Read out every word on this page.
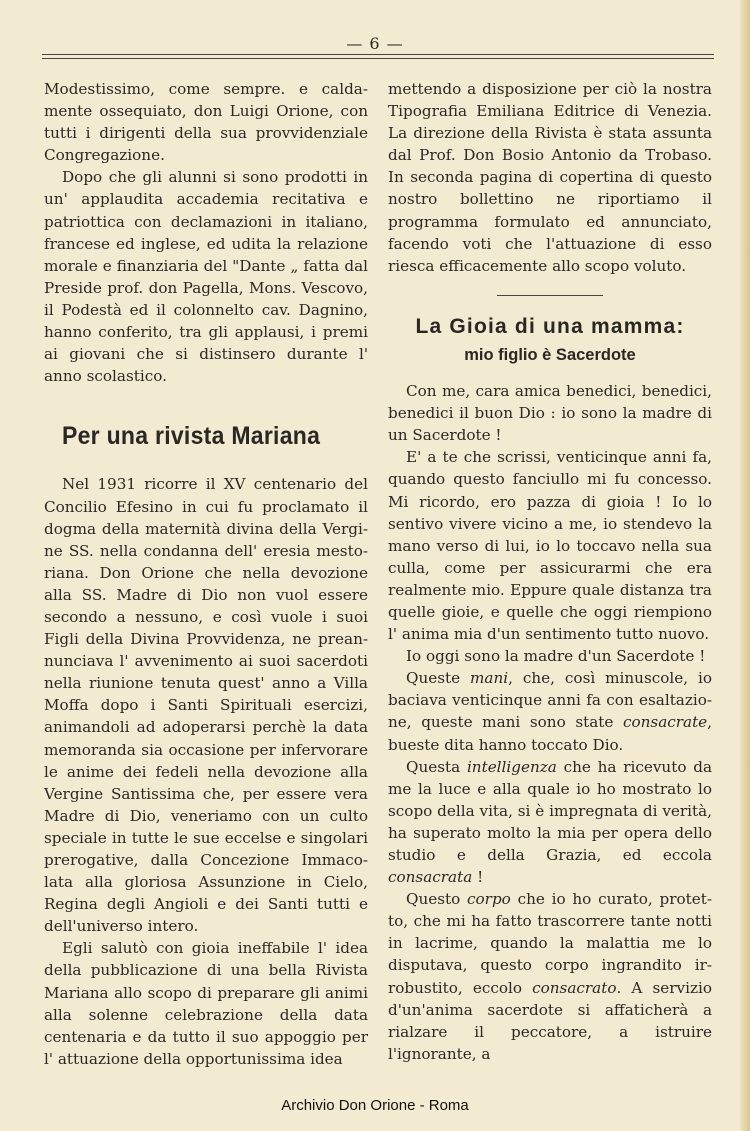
— 6 —

Modestissimo, come sempre. e caldamente ossequiato, don Luigi Orione, con tutti i dirigenti della sua provvidenziale Congregazione.

Dopo che gli alunni si sono prodotti in un' applaudita accademia recitativa e patriottica con declamazioni in italiano, francese ed inglese, ed udita la relazione morale e finanziaria del "Dante „ fatta dal Preside prof. don Pagella, Mons. Vescovo, il Podestà ed il colonnelto cav. Dagnino, hanno conferito, tra gli applausi, i premi ai giovani che si distinsero durante l' anno scolastico.

Per una rivista Mariana

Nel 1931 ricorre il XV centenario del Concilio Efesino in cui fu proclamato il dogma della maternità divina della Vergine SS. nella condanna dell' eresia mestoriana. Don Orione che nella devozione alla SS. Madre di Dio non vuol essere secondo a nessuno, e così vuole i suoi Figli della Divina Provvidenza, ne preannunciava l' avvenimento ai suoi sacerdoti nella riunione tenuta quest' anno a Villa Moffa dopo i Santi Spirituali esercizi, animandoli ad adoperarsi perchè la data memoranda sia occasione per infervorare le anime dei fedeli nella devozione alla Vergine Santissima che, per essere vera Madre di Dio, veneriamo con un culto speciale in tutte le sue eccelse e singolari prerogative, dalla Concezione Immacolata alla gloriosa Assunzione in Cielo, Regina degli Angioli e dei Santi tutti e dell'universo intero.

Egli salutò con gioia ineffabile l' idea della pubblicazione di una bella Rivista Mariana allo scopo di preparare gli animi alla solenne celebrazione della data centenaria e da tutto il suo appoggio per l' attuazione della opportunissima idea

mettendo a disposizione per ciò la nostra Tipografia Emiliana Editrice di Venezia. La direzione della Rivista è stata assunta dal Prof. Don Bosio Antonio da Trobaso. In seconda pagina di copertina di questo nostro bollettino ne riportiamo il programma formulato ed annunciato, facendo voti che l'attuazione di esso riesca efficacemente allo scopo voluto.

La Gioia di una mamma:
mio figlio è Sacerdote

Con me, cara amica benedici, benedici, benedici il buon Dio : io sono la madre di un Sacerdote !

E' a te che scrissi, venticinque anni fa, quando questo fanciullo mi fu concesso. Mi ricordo, ero pazza di gioia ! Io lo sentivo vivere vicino a me, io stendevo la mano verso di lui, io lo toccavo nella sua culla, come per assicurarmi che era realmente mio. Eppure quale distanza tra quelle gioie, e quelle che oggi riempiono l' anima mia d'un sentimento tutto nuovo.

Io oggi sono la madre d'un Sacerdote !

Queste mani, che, così minuscole, io baciava venticinque anni fa con esaltazione, queste mani sono state consacrate, bueste dita hanno toccato Dio.

Questa intelligenza che ha ricevuto da me la luce e alla quale io ho mostrato lo scopo della vita, si è impregnata di verità, ha superato molto la mia per opera dello studio e della Grazia, ed eccola consacrata !

Questo corpo che io ho curato, protetto, che mi ha fatto trascorrere tante notti in lacrime, quando la malattia me lo disputava, questo corpo ingrandito irrobustito, eccolo consacrato. A servizio d'un'anima sacerdote si affaticherà a rialzare il peccatore, a istruire l'ignorante, a

Archivio Don Orione - Roma
